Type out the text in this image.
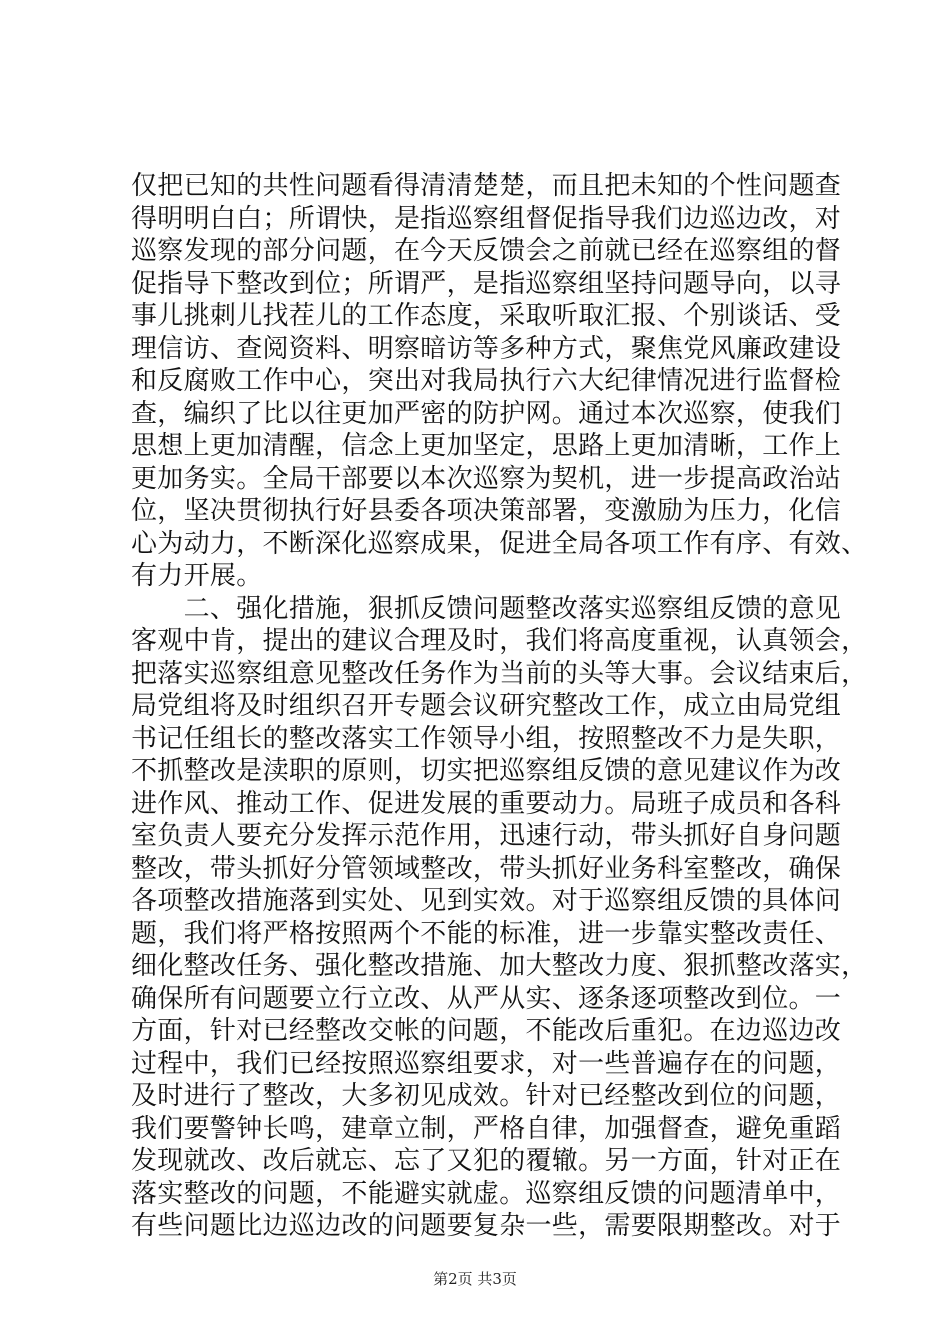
仅把已知的共性问题看得清清楚楚，而且把未知的个性问题查
得明明白白；所谓快，是指巡察组督促指导我们边巡边改，对
巡察发现的部分问题，在今天反馈会之前就已经在巡察组的督
促指导下整改到位；所谓严，是指巡察组坚持问题导向，以寻
事儿挑刺儿找茬儿的工作态度，采取听取汇报、个别谈话、受
理信访、查阅资料、明察暗访等多种方式，聚焦党风廉政建设
和反腐败工作中心，突出对我局执行六大纪律情况进行监督检
查，编织了比以往更加严密的防护网。通过本次巡察，使我们
思想上更加清醒，信念上更加坚定，思路上更加清晰，工作上
更加务实。全局干部要以本次巡察为契机，进一步提高政治站
位，坚决贯彻执行好县委各项决策部署，变激励为压力，化信
心为动力，不断深化巡察成果，促进全局各项工作有序、有效、
有力开展。
　　二、强化措施，狠抓反馈问题整改落实巡察组反馈的意见
客观中肯，提出的建议合理及时，我们将高度重视，认真领会，
把落实巡察组意见整改任务作为当前的头等大事。会议结束后，
局党组将及时组织召开专题会议研究整改工作，成立由局党组
书记任组长的整改落实工作领导小组，按照整改不力是失职，
不抓整改是渎职的原则，切实把巡察组反馈的意见建议作为改
进作风、推动工作、促进发展的重要动力。局班子成员和各科
室负责人要充分发挥示范作用，迅速行动，带头抓好自身问题
整改，带头抓好分管领域整改，带头抓好业务科室整改，确保
各项整改措施落到实处、见到实效。对于巡察组反馈的具体问
题，我们将严格按照两个不能的标准，进一步靠实整改责任、
细化整改任务、强化整改措施、加大整改力度、狠抓整改落实，
确保所有问题要立行立改、从严从实、逐条逐项整改到位。一
方面，针对已经整改交帐的问题，不能改后重犯。在边巡边改
过程中，我们已经按照巡察组要求，对一些普遍存在的问题，
及时进行了整改，大多初见成效。针对已经整改到位的问题，
我们要警钟长鸣，建章立制，严格自律，加强督查，避免重蹈
发现就改、改后就忘、忘了又犯的覆辙。另一方面，针对正在
落实整改的问题，不能避实就虚。巡察组反馈的问题清单中，
有些问题比边巡边改的问题要复杂一些，需要限期整改。对于
第2页 共3页
